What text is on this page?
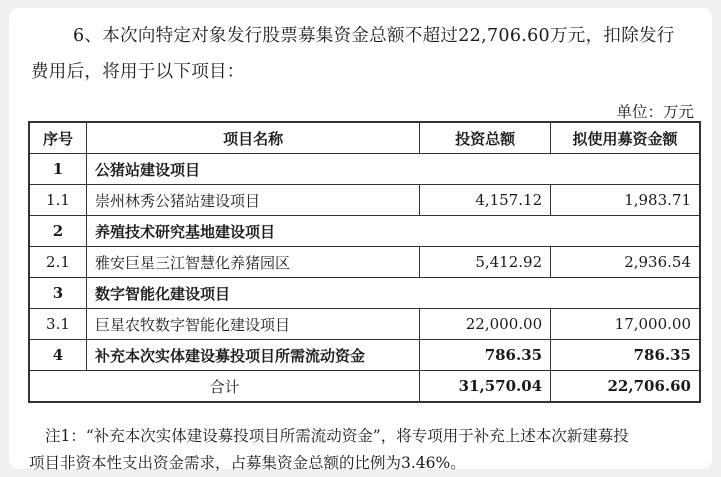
6、本次向特定对象发行股票募集资金总额不超过22,706.60万元，扣除发行

费用后，将用于以下项目：

单位：万元
序号	项目名称	投资总额	拟使用募资金额
1	公猪站建设项目		
1.1	崇州林秀公猪站建设项目	4,157.12	1,983.71
2	养殖技术研究基地建设项目		
2.1	雅安巨星三江智慧化养猪园区	5,412.92	2,936.54
3	数字智能化建设项目		
3.1	巨星农牧数字智能化建设项目	22,000.00	17,000.00
4	补充本次实体建设募投项目所需流动资金	786.35	786.35
合计		31,570.04	22,706.60

注1：“补充本次实体建设募投项目所需流动资金”，将专项用于补充上述本次新建募投

项目非资本性支出资金需求，占募集资金总额的比例为3.46%。
